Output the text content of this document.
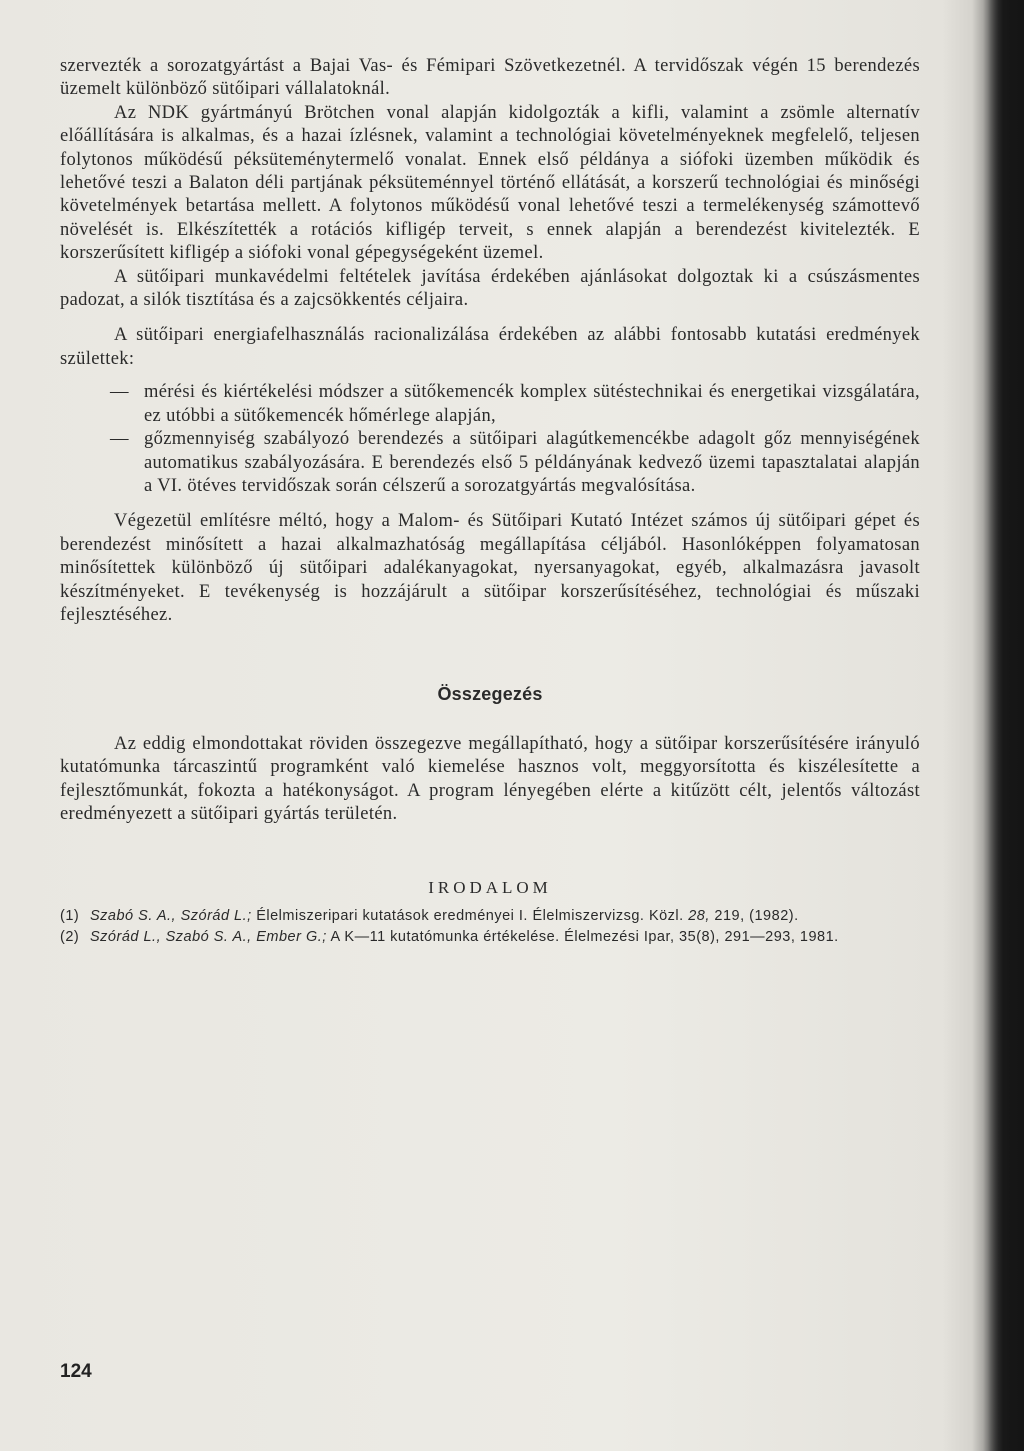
szervezték a sorozatgyártást a Bajai Vas- és Fémipari Szövetkezetnél. A tervidőszak végén 15 berendezés üzemelt különböző sütőipari vállalatoknál.

Az NDK gyártmányú Brötchen vonal alapján kidolgozták a kifli, valamint a zsömle alternatív előállítására is alkalmas, és a hazai ízlésnek, valamint a technológiai követelményeknek megfelelő, teljesen folytonos működésű péksüteménytermelő vonalat. Ennek első példánya a siófoki üzemben működik és lehetővé teszi a Balaton déli partjának péksüteménnyel történő ellátását, a korszerű technológiai és minőségi követelmények betartása mellett. A folytonos működésű vonal lehetővé teszi a termelékenység számottevő növelését is. Elkészítették a rotációs kifligép terveit, s ennek alapján a berendezést kivitelezték. E korszerűsített kifligép a siófoki vonal gépegységeként üzemel.

A sütőipari munkavédelmi feltételek javítása érdekében ajánlásokat dolgoztak ki a csúszásmentes padozat, a silók tisztítása és a zajcsökkentés céljaira.

A sütőipari energiafelhasználás racionalizálása érdekében az alábbi fontosabb kutatási eredmények születtek:

— mérési és kiértékelési módszer a sütőkemencék komplex sütéstechnikai és energetikai vizsgálatára, ez utóbbi a sütőkemencék hőmérlege alapján,
— gőzmennyiség szabályozó berendezés a sütőipari alagútkemencékbe adagolt gőz mennyiségének automatikus szabályozására. E berendezés első 5 példányának kedvező üzemi tapasztalatai alapján a VI. ötéves tervidőszak során célszerű a sorozatgyártás megvalósítása.

Végezetül említésre méltó, hogy a Malom- és Sütőipari Kutató Intézet számos új sütőipari gépet és berendezést minősített a hazai alkalmazhatóság megállapítása céljából. Hasonlóképpen folyamatosan minősítettek különböző új sütőipari adalékanyagokat, nyersanyagokat, egyéb, alkalmazásra javasolt készítményeket. E tevékenység is hozzájárult a sütőipar korszerűsítéséhez, technológiai és műszaki fejlesztéséhez.

Összegezés

Az eddig elmondottakat röviden összegezve megállapítható, hogy a sütőipar korszerűsítésére irányuló kutatómunka tárcaszintű programként való kiemelése hasznos volt, meggyorsította és kiszélesítette a fejlesztőmunkát, fokozta a hatékonyságot. A program lényegében elérte a kitűzött célt, jelentős változást eredményezett a sütőipari gyártás területén.

IRODALOM

(1) Szabó S. A., Szórád L.; Élelmiszeripari kutatások eredményei I. Élelmiszervizsg. Közl. 28, 219, (1982).
(2) Szórád L., Szabó S. A., Ember G.; A K—11 kutatómunka értékelése. Élelmezési Ipar, 35(8), 291—293, 1981.
124
